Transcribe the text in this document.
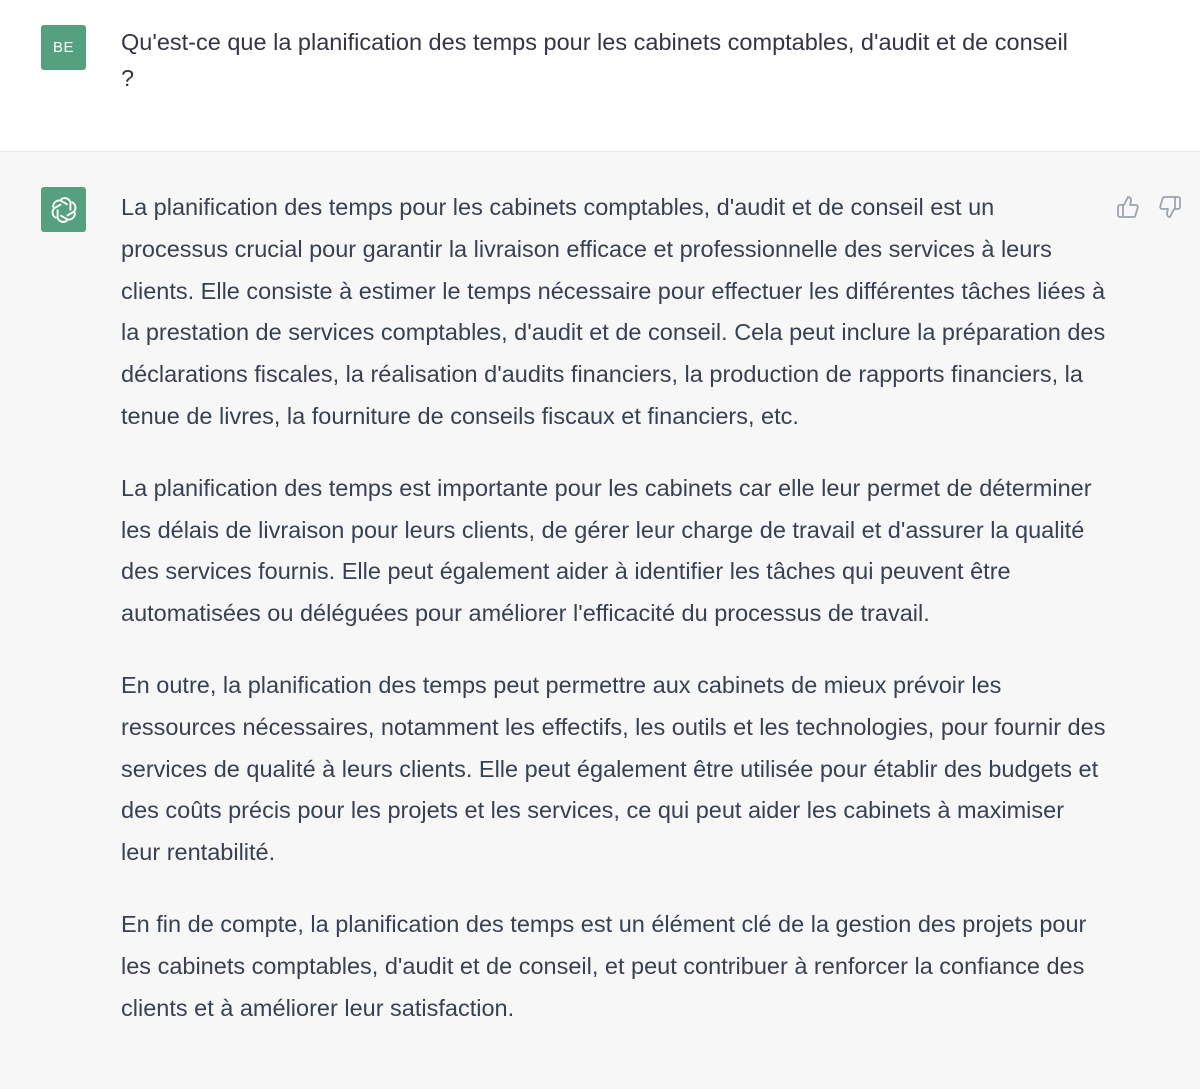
BE	Qu'est-ce que la planification des temps pour les cabinets comptables, d'audit et de conseil ?

La planification des temps pour les cabinets comptables, d'audit et de conseil est un processus crucial pour garantir la livraison efficace et professionnelle des services à leurs clients. Elle consiste à estimer le temps nécessaire pour effectuer les différentes tâches liées à la prestation de services comptables, d'audit et de conseil. Cela peut inclure la préparation des déclarations fiscales, la réalisation d'audits financiers, la production de rapports financiers, la tenue de livres, la fourniture de conseils fiscaux et financiers, etc.

La planification des temps est importante pour les cabinets car elle leur permet de déterminer les délais de livraison pour leurs clients, de gérer leur charge de travail et d'assurer la qualité des services fournis. Elle peut également aider à identifier les tâches qui peuvent être automatisées ou déléguées pour améliorer l'efficacité du processus de travail.

En outre, la planification des temps peut permettre aux cabinets de mieux prévoir les ressources nécessaires, notamment les effectifs, les outils et les technologies, pour fournir des services de qualité à leurs clients. Elle peut également être utilisée pour établir des budgets et des coûts précis pour les projets et les services, ce qui peut aider les cabinets à maximiser leur rentabilité.

En fin de compte, la planification des temps est un élément clé de la gestion des projets pour les cabinets comptables, d'audit et de conseil, et peut contribuer à renforcer la confiance des clients et à améliorer leur satisfaction.
